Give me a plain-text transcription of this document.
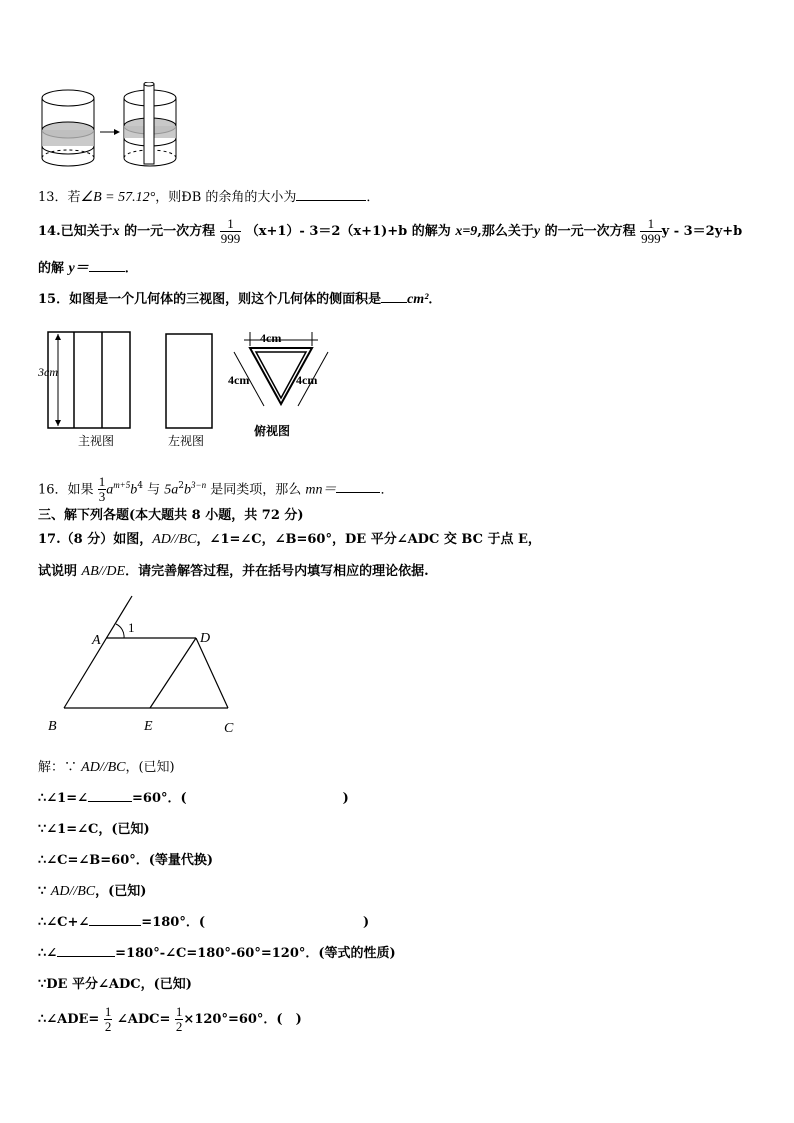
13．若∠B = 57.12°，则ÐB 的余角的大小为	．
14.已知关于x 的一元一次方程 $\frac{1}{999} (x+1)-$ 3＝2（x+1)+b 的解为 x=9,那么关于y 的一元一次方程 $\frac{1}{999}$ y - 3＝2y+b
的解 y＝	．
15．如图是一个几何体的三视图，则这个几何体的侧面积是 cm²．
3cm
主视图	左视图
4cm
4cm	4cm
俯视图
16．如果 $\frac{1}{3} a^{m+5}b^4$ 与 $5a^2b^{3-n}$ 是同类项，那么 mn＝	．
三、解下列各题(本大题共 8 小题，共 72 分)
17.（8 分）如图，AD//BC，∠1=∠C，∠B=60°，DE 平分∠ADC 交 BC 于点 E，
试说明 AB//DE．请完善解答过程，并在括号内填写相应的理论依据.
A	D
B	E	C
1
解：∵ AD//BC，(已知)
∴∠1=∠	=60°．(	)
∵∠1=∠C，(已知)
∴∠C=∠B=60°．(等量代换)
∵ AD//BC，(已知)
∴∠C+∠	=180°．(	)
∴∠	=180°-∠C=180°-60°=120°．(等式的性质)
∵DE 平分∠ADC，(已知)
∴∠ADE= $\frac{1}{2}$ ∠ADC= $\frac{1}{2} \times 120^\circ=60^\circ$．(　)
